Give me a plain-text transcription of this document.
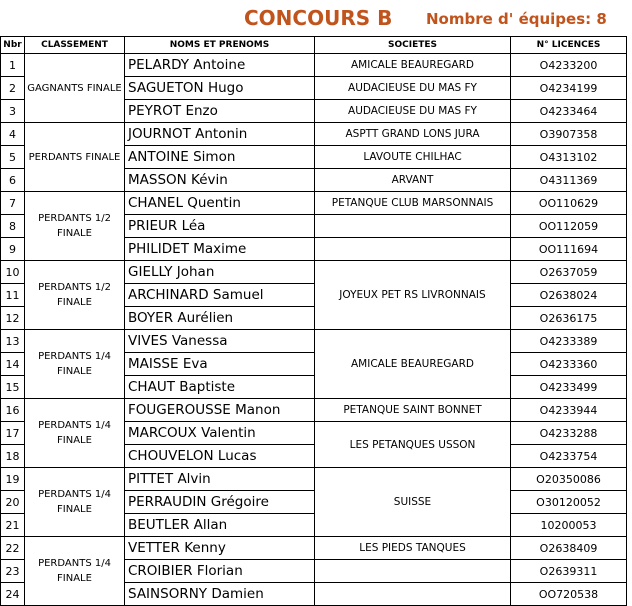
CONCOURS B Nombre d' équipes: 8
Nbr	CLASSEMENT	NOMS ET PRENOMS	SOCIETES	N° LICENCES
1	GAGNANTS FINALE	PELARDY Antoine	AMICALE BEAUREGARD	O4233200
2		SAGUETON Hugo	AUDACIEUSE DU MAS FY	O4234199
3		PEYROT Enzo	AUDACIEUSE DU MAS FY	O4233464
4	PERDANTS FINALE	JOURNOT Antonin	ASPTT GRAND LONS JURA	O3907358
5		ANTOINE Simon	LAVOUTE CHILHAC	O4313102
6		MASSON Kévin	ARVANT	O4311369
7	PERDANTS 1/2 FINALE	CHANEL Quentin	PETANQUE CLUB MARSONNAIS	OO110629
8		PRIEUR Léa		OO112059
9		PHILIDET Maxime		OO111694
10	PERDANTS 1/2 FINALE	GIELLY Johan	JOYEUX PET RS LIVRONNAIS	O2637059
11		ARCHINARD Samuel		O2638024
12		BOYER Aurélien		O2636175
13	PERDANTS 1/4 FINALE	VIVES Vanessa	AMICALE BEAUREGARD	O4233389
14		MAISSE Eva		O4233360
15		CHAUT Baptiste		O4233499
16	PERDANTS 1/4 FINALE	FOUGEROUSSE Manon	PETANQUE SAINT BONNET	O4233944
17		MARCOUX Valentin	LES PETANQUES USSON	O4233288
18		CHOUVELON Lucas		O4233754
19	PERDANTS 1/4 FINALE	PITTET Alvin	SUISSE	O20350086
20		PERRAUDIN Grégoire		O30120052
21		BEUTLER Allan		10200053
22	PERDANTS 1/4 FINALE	VETTER Kenny	LES PIEDS TANQUES	O2638409
23		CROIBIER Florian		O2639311
24		SAINSORNY Damien		OO720538
